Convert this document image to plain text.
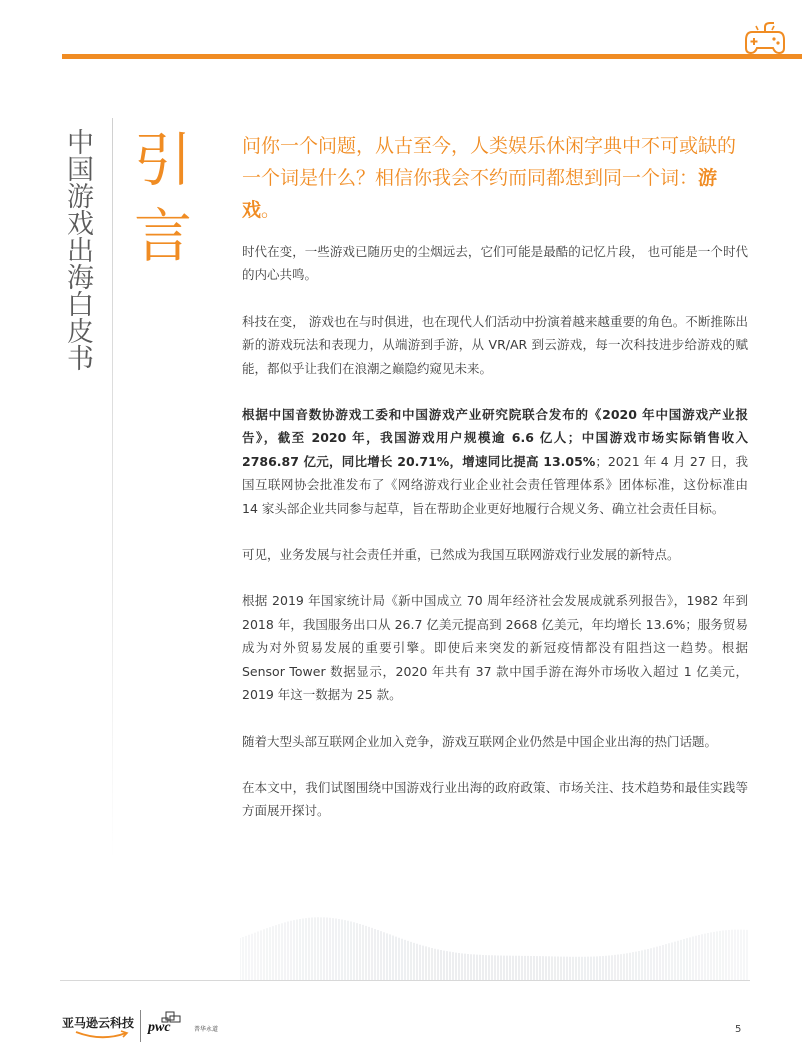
中国游戏出海白皮书 引
言

问你一个问题，从古至今，人类娱乐休闲字典中不可或缺的一个词是什么？相信你我会不约而同都想到同一个词：游戏。

时代在变，一些游戏已随历史的尘烟远去，它们可能是最酷的记忆片段， 也可能是一个时代的内心共鸣。

科技在变， 游戏也在与时俱进，也在现代人们活动中扮演着越来越重要的角色。不断推陈出新的游戏玩法和表现力，从端游到手游，从 VR/AR 到云游戏，每一次科技进步给游戏的赋能，都似乎让我们在浪潮之巅隐约窥见未来。

根据中国音数协游戏工委和中国游戏产业研究院联合发布的《2020 年中国游戏产业报告》，截至 2020 年，我国游戏用户规模逾 6.6 亿人；中国游戏市场实际销售收入 2786.87 亿元，同比增长 20.71%，增速同比提高 13.05%；2021 年 4 月 27 日，我国互联网协会批准发布了《网络游戏行业企业社会责任管理体系》团体标准，这份标准由 14 家头部企业共同参与起草，旨在帮助企业更好地履行合规义务、确立社会责任目标。

可见，业务发展与社会责任并重，已然成为我国互联网游戏行业发展的新特点。

根据 2019 年国家统计局《新中国成立 70 周年经济社会发展成就系列报告》，1982 年到 2018 年，我国服务出口从 26.7 亿美元提高到 2668 亿美元，年均增长 13.6%；服务贸易成为对外贸易发展的重要引擎。即使后来突发的新冠疫情都没有阻挡这一趋势。根据 Sensor Tower 数据显示，2020 年共有 37 款中国手游在海外市场收入超过 1 亿美元，2019 年这一数据为 25 款。

随着大型头部互联网企业加入竞争，游戏互联网企业仍然是中国企业出海的热门话题。

在本文中，我们试图围绕中国游戏行业出海的政府政策、市场关注、技术趋势和最佳实践等方面展开探讨。

亚马逊云科技 pwc	普华永道	5
